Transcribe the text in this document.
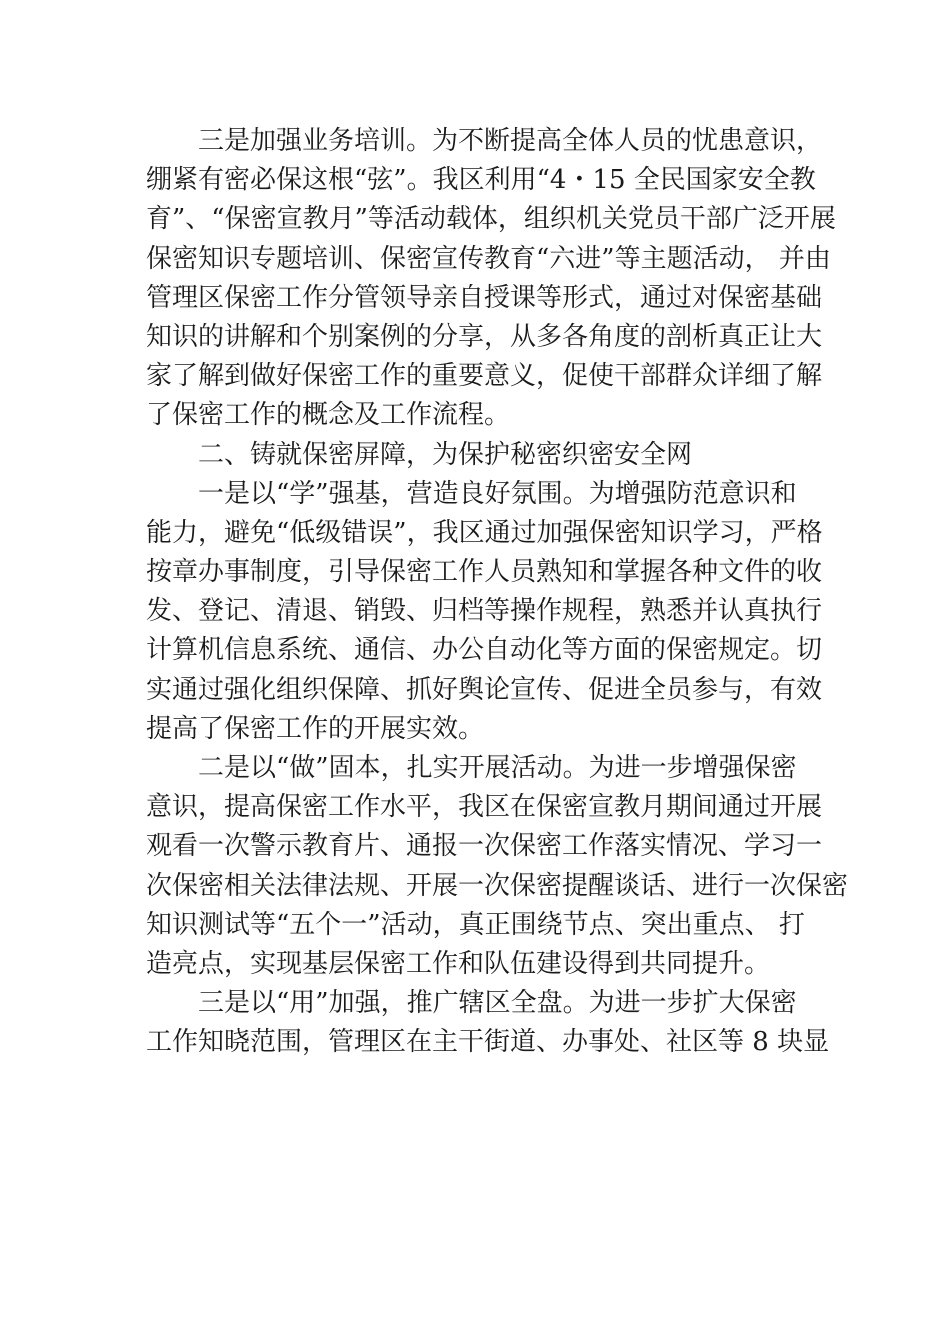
三是加强业务培训。为不断提高全体人员的忧患意识，
绷紧有密必保这根“弦”。我区利用“4・15 全民国家安全教
育”、“保密宣教月”等活动载体，组织机关党员干部广泛开展
保密知识专题培训、保密宣传教育“六进”等主题活动， 并由
管理区保密工作分管领导亲自授课等形式，通过对保密基础
知识的讲解和个别案例的分享，从多各角度的剖析真正让大
家了解到做好保密工作的重要意义，促使干部群众详细了解
了保密工作的概念及工作流程。
二、铸就保密屏障，为保护秘密织密安全网
一是以“学”强基，营造良好氛围。为增强防范意识和
能力，避免“低级错误”，我区通过加强保密知识学习，严格
按章办事制度，引导保密工作人员熟知和掌握各种文件的收
发、登记、清退、销毁、归档等操作规程，熟悉并认真执行
计算机信息系统、通信、办公自动化等方面的保密规定。切
实通过强化组织保障、抓好舆论宣传、促进全员参与，有效
提高了保密工作的开展实效。
二是以“做”固本，扎实开展活动。为进一步增强保密
意识，提高保密工作水平，我区在保密宣教月期间通过开展
观看一次警示教育片、通报一次保密工作落实情况、学习一
次保密相关法律法规、开展一次保密提醒谈话、进行一次保密
知识测试等“五个一”活动，真正围绕节点、突出重点、 打
造亮点，实现基层保密工作和队伍建设得到共同提升。
三是以“用”加强，推广辖区全盘。为进一步扩大保密
工作知晓范围，管理区在主干街道、办事处、社区等 8 块显
